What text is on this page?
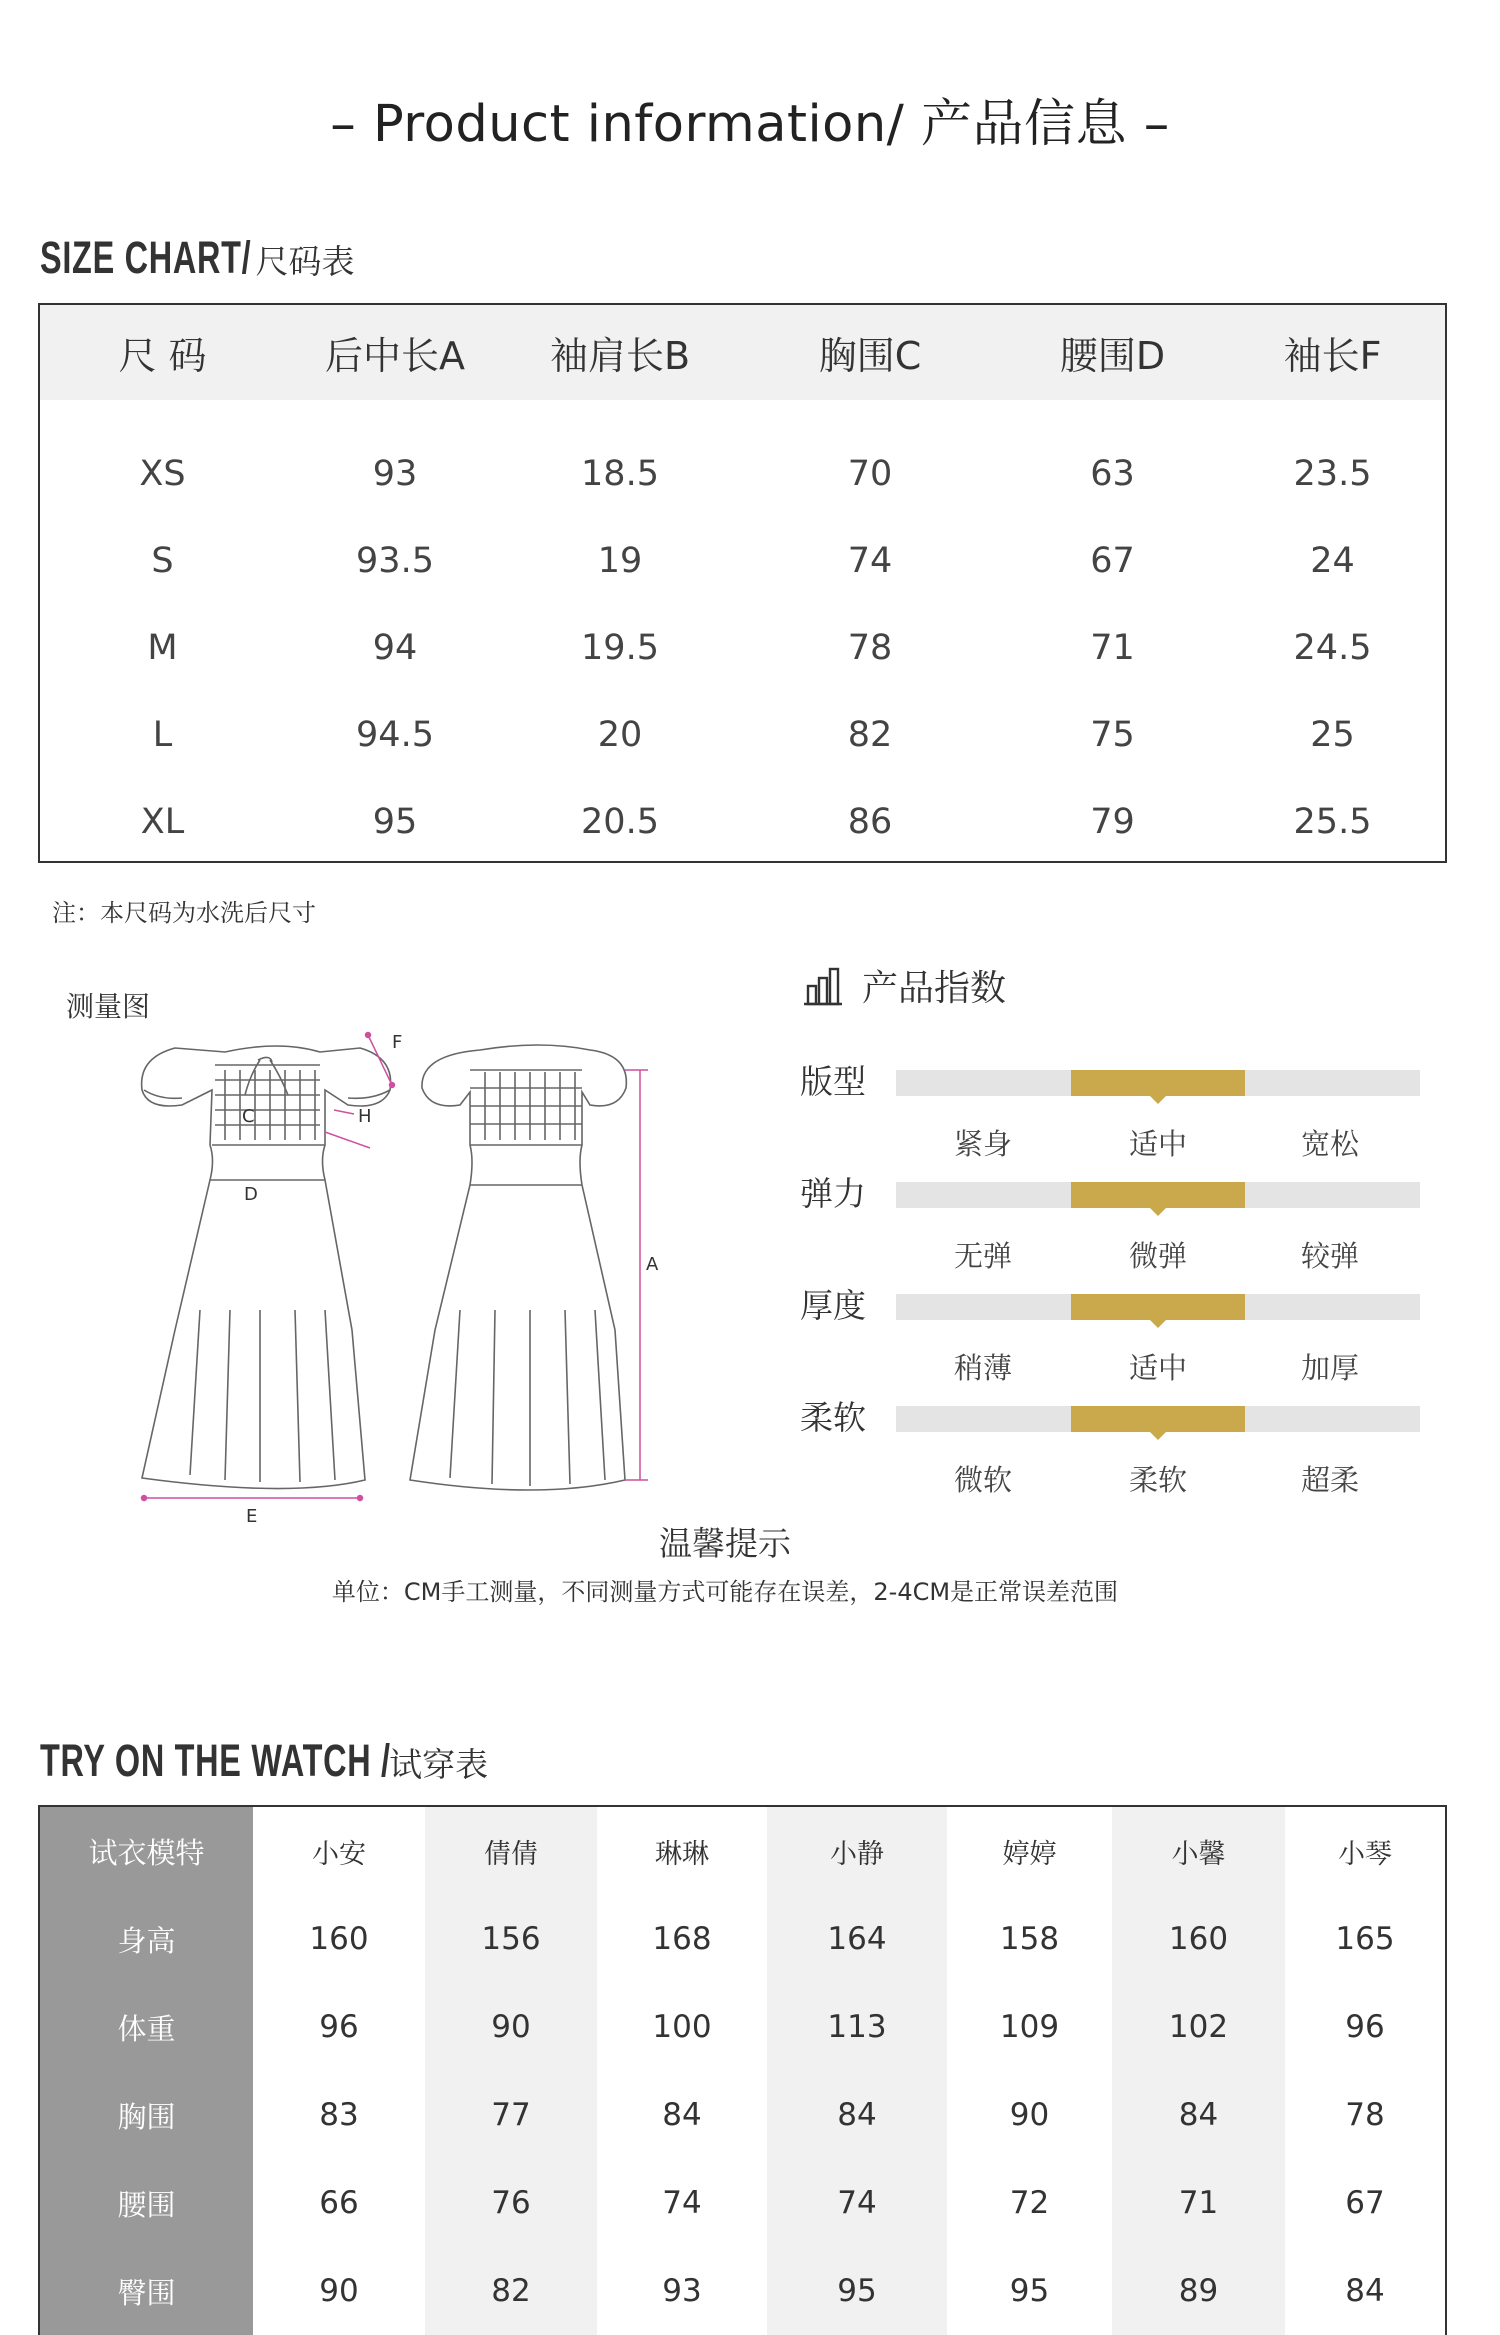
– Product information/ 产品信息 –
SIZE CHART/ 尺码表
尺 码	后中长A	袖肩长B	胸围C	腰围D	袖长F

XS	93	18.5	70	63	23.5
S	93.5	19	74	67	24
M	94	19.5	78	71	24.5
L	94.5	20	82	75	25
XL	95	20.5	86	79	25.5
注：本尺码为水洗后尺寸
测量图
F
H
C
D
E
A
产品指数
版型
紧身	适中	宽松
弹力
无弹	微弹	较弹
厚度
稍薄	适中	加厚
柔软
微软	柔软	超柔
温馨提示
单位：CM手工测量，不同测量方式可能存在误差，2-4CM是正常误差范围
TRY ON THE WATCH /
试穿表
试衣模特	小安	倩倩	琳琳	小静	婷婷	小馨	小琴
身高	160	156	168	164	158	160	165
体重	96	90	100	113	109	102	96
胸围	83	77	84	84	90	84	78
腰围	66	76	74	74	72	71	67
臀围	90	82	93	95	95	89	84
